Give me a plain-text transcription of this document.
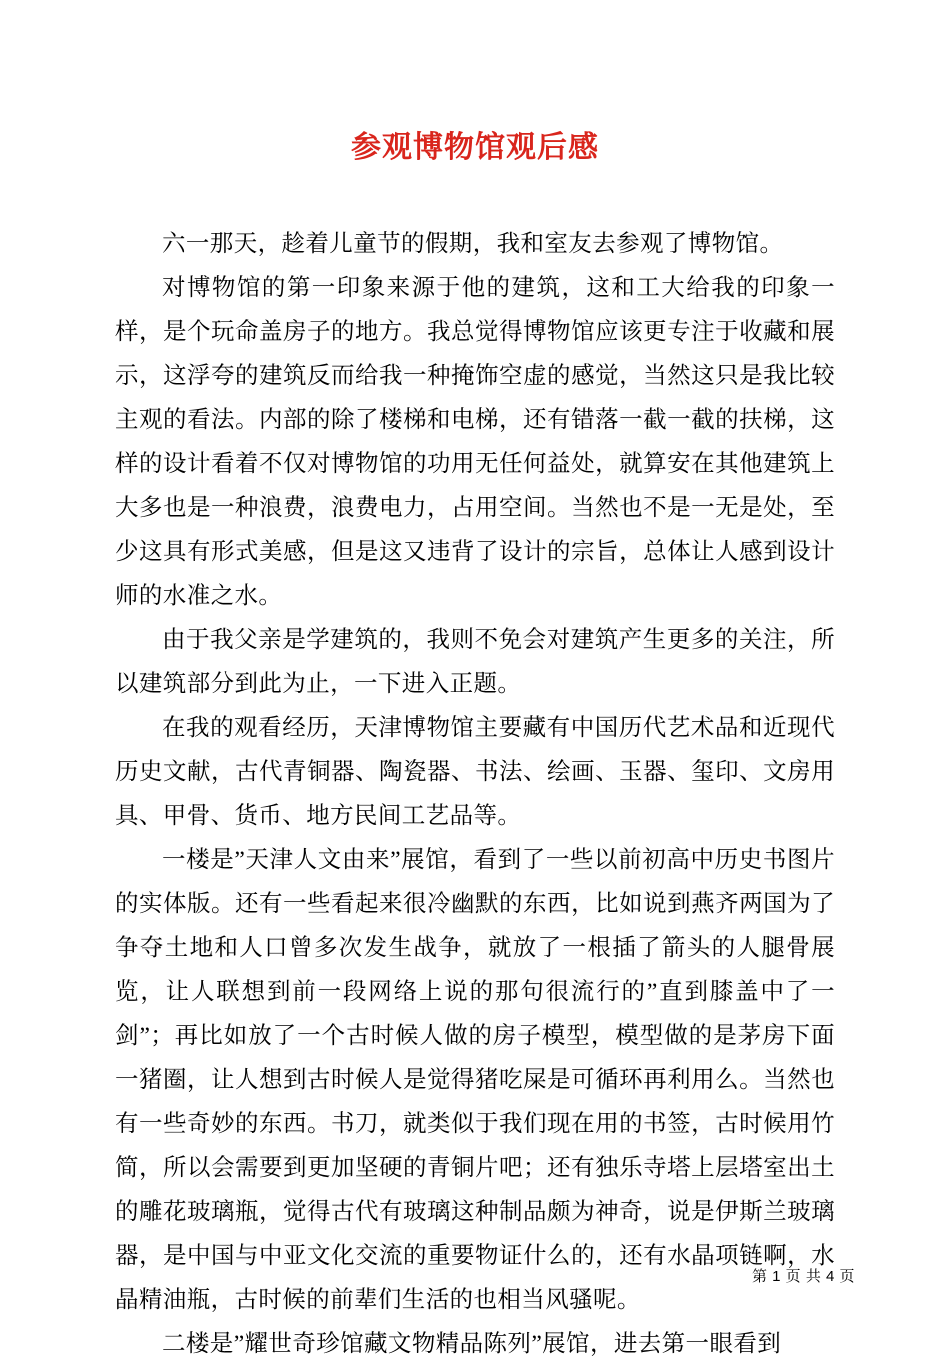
参观博物馆观后感

六一那天，趁着儿童节的假期，我和室友去参观了博物馆。

对博物馆的第一印象来源于他的建筑，这和工大给我的印象一样，是个玩命盖房子的地方。我总觉得博物馆应该更专注于收藏和展示，这浮夸的建筑反而给我一种掩饰空虚的感觉，当然这只是我比较主观的看法。内部的除了楼梯和电梯，还有错落一截一截的扶梯，这样的设计看着不仅对博物馆的功用无任何益处，就算安在其他建筑上大多也是一种浪费，浪费电力，占用空间。当然也不是一无是处，至少这具有形式美感，但是这又违背了设计的宗旨，总体让人感到设计师的水准之水。

由于我父亲是学建筑的，我则不免会对建筑产生更多的关注，所以建筑部分到此为止，一下进入正题。

在我的观看经历，天津博物馆主要藏有中国历代艺术品和近现代历史文献，古代青铜器、陶瓷器、书法、绘画、玉器、玺印、文房用具、甲骨、货币、地方民间工艺品等。

一楼是”天津人文由来”展馆，看到了一些以前初高中历史书图片的实体版。还有一些看起来很冷幽默的东西，比如说到燕齐两国为了争夺土地和人口曾多次发生战争，就放了一根插了箭头的人腿骨展览，让人联想到前一段网络上说的那句很流行的”直到膝盖中了一剑”；再比如放了一个古时候人做的房子模型，模型做的是茅房下面一猪圈，让人想到古时候人是觉得猪吃屎是可循环再利用么。当然也有一些奇妙的东西。书刀，就类似于我们现在用的书签，古时候用竹简，所以会需要到更加坚硬的青铜片吧；还有独乐寺塔上层塔室出土的雕花玻璃瓶，觉得古代有玻璃这种制品颇为神奇，说是伊斯兰玻璃器，是中国与中亚文化交流的重要物证什么的，还有水晶项链啊，水晶精油瓶，古时候的前辈们生活的也相当风骚呢。

二楼是”耀世奇珍馆藏文物精品陈列”展馆，进去第一眼看到

第 1 页 共 4 页
